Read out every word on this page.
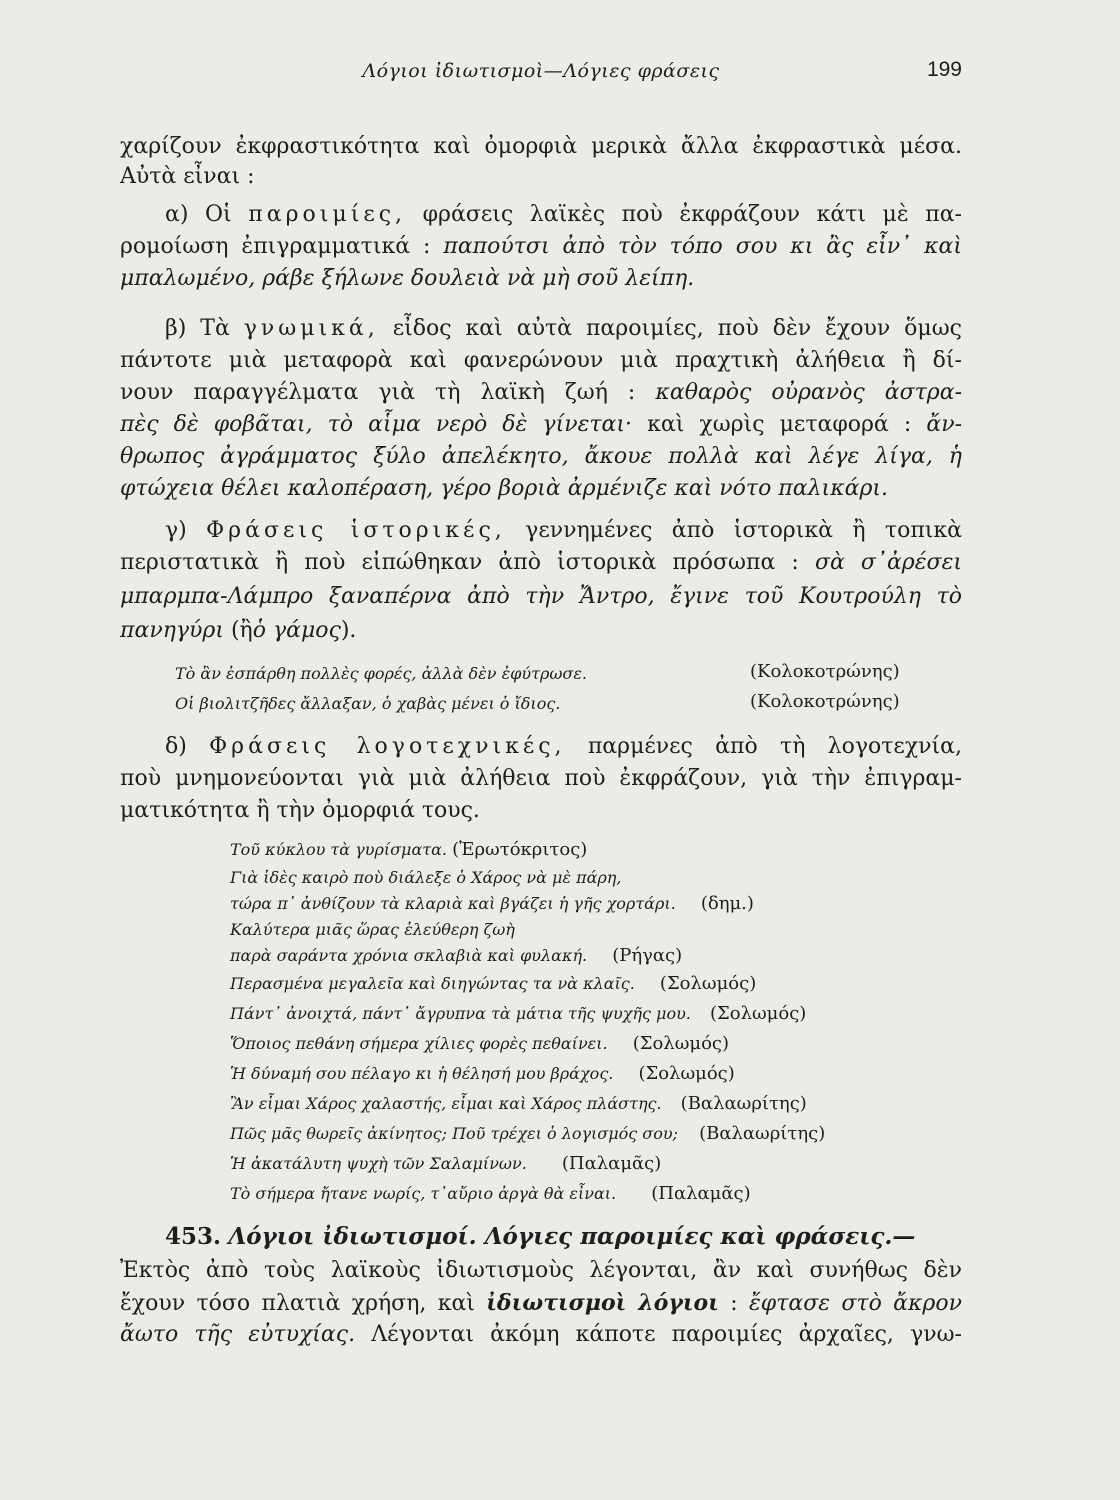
Λόγιοι ἰδιωτισμοὶ—Λόγιες φράσεις	199
χαρίζουν ἐκφραστικότητα καὶ ὀμορφιὰ μερικὰ ἄλλα ἐκφραστικὰ μέσα.
Αὐτὰ εἶναι :
α) Οἱ παροιμίες, φράσεις λαϊκὲς ποὺ ἐκφράζουν κάτι μὲ πα-
ρομοίωση ἐπιγραμματικά : παπούτσι ἀπὸ τὸν τόπο σου κι ἂς εἶν᾽ καὶ
μπαλωμένο, ράβε ξήλωνε δουλειὰ νὰ μὴ σοῦ λείπη.
β) Τὰ γνωμικά, εἶδος καὶ αὐτὰ παροιμίες, ποὺ δὲν ἔχουν ὅμως
πάντοτε μιὰ μεταφορὰ καὶ φανερώνουν μιὰ πραχτικὴ ἀλήθεια ἢ δί-
νουν παραγγέλματα γιὰ τὴ λαϊκὴ ζωή : καθαρὸς οὐρανὸς ἀστρα-
πὲς δὲ φοβᾶται, τὸ αἷμα νερὸ δὲ γίνεται· καὶ χωρὶς μεταφορά : ἄν-
θρωπος ἀγράμματος ξύλο ἀπελέκητο, ἄκουε πολλὰ καὶ λέγε λίγα, ἡ
φτώχεια θέλει καλοπέραση, γέρο βοριὰ ἀρμένιζε καὶ νότο παλικάρι.
γ) Φράσεις ἱστορικές, γεννημένες ἀπὸ ἱστορικὰ ἢ τοπικὰ
περιστατικὰ ἢ ποὺ εἰπώθηκαν ἀπὸ ἱστορικὰ πρόσωπα : σὰ σ᾽ἀρέσει
μπαρμπα-Λάμπρο ξαναπέρνα ἀπὸ τὴν Ἄντρο, ἔγινε τοῦ Κουτρούλη τὸ
πανηγύρι (ἢὁ γάμος).
Τὸ ἂν ἐσπάρθη πολλὲς φορές, ἀλλὰ δὲν ἐφύτρωσε.	(Κολοκοτρώνης)
Οἱ βιολιτζῆδες ἄλλαξαν, ὁ χαβὰς μένει ὁ ἴδιος.	(Κολοκοτρώνης)
δ) Φράσεις λογοτεχνικές, παρμένες ἀπὸ τὴ λογοτεχνία,
ποὺ μνημονεύονται γιὰ μιὰ ἀλήθεια ποὺ ἐκφράζουν, γιὰ τὴν ἐπιγραμ-
ματικότητα ἢ τὴν ὀμορφιά τους.
Τοῦ κύκλου τὰ γυρίσματα. (Ἐρωτόκριτος)
Γιὰ ἰδὲς καιρὸ ποὺ διάλεξε ὁ Χάρος νὰ μὲ πάρη,
τώρα π᾽ ἀνθίζουν τὰ κλαριὰ καὶ βγάζει ἡ γῆς χορτάρι. (δημ.)
Καλύτερα μιᾶς ὥρας ἐλεύθερη ζωὴ
παρὰ σαράντα χρόνια σκλαβιὰ καὶ φυλακή. (Ρήγας)
Περασμένα μεγαλεῖα καὶ διηγώντας τα νὰ κλαῖς. (Σολωμός)
Πάντ᾽ ἀνοιχτά, πάντ᾽ ἄγρυπνα τὰ μάτια τῆς ψυχῆς μου. (Σολωμός)
Ὅποιος πεθάνη σήμερα χίλιες φορὲς πεθαίνει. (Σολωμός)
Ἡ δύναμή σου πέλαγο κι ἡ θέλησή μου βράχος. (Σολωμός)
Ἂν εἶμαι Χάρος χαλαστής, εἶμαι καὶ Χάρος πλάστης. (Βαλαωρίτης)
Πῶς μᾶς θωρεῖς ἀκίνητος; Ποῦ τρέχει ὁ λογισμός σου; (Βαλαωρίτης)
Ἡ ἀκατάλυτη ψυχὴ τῶν Σαλαμίνων. (Παλαμᾶς)
Τὸ σήμερα ἤτανε νωρίς, τ᾽αὔριο ἀργὰ θὰ εἶναι. (Παλαμᾶς)
453. Λόγιοι ἰδιωτισμοί. Λόγιες παροιμίες καὶ φράσεις.—
Ἐκτὸς ἀπὸ τοὺς λαϊκοὺς ἰδιωτισμοὺς λέγονται, ἂν καὶ συνήθως δὲν
ἔχουν τόσο πλατιὰ χρήση, καὶ ἰδιωτισμοὶ λόγιοι : ἔφτασε στὸ ἄκρον
ἄωτο τῆς εὐτυχίας. Λέγονται ἀκόμη κάποτε παροιμίες ἀρχαῖες, γνω-
